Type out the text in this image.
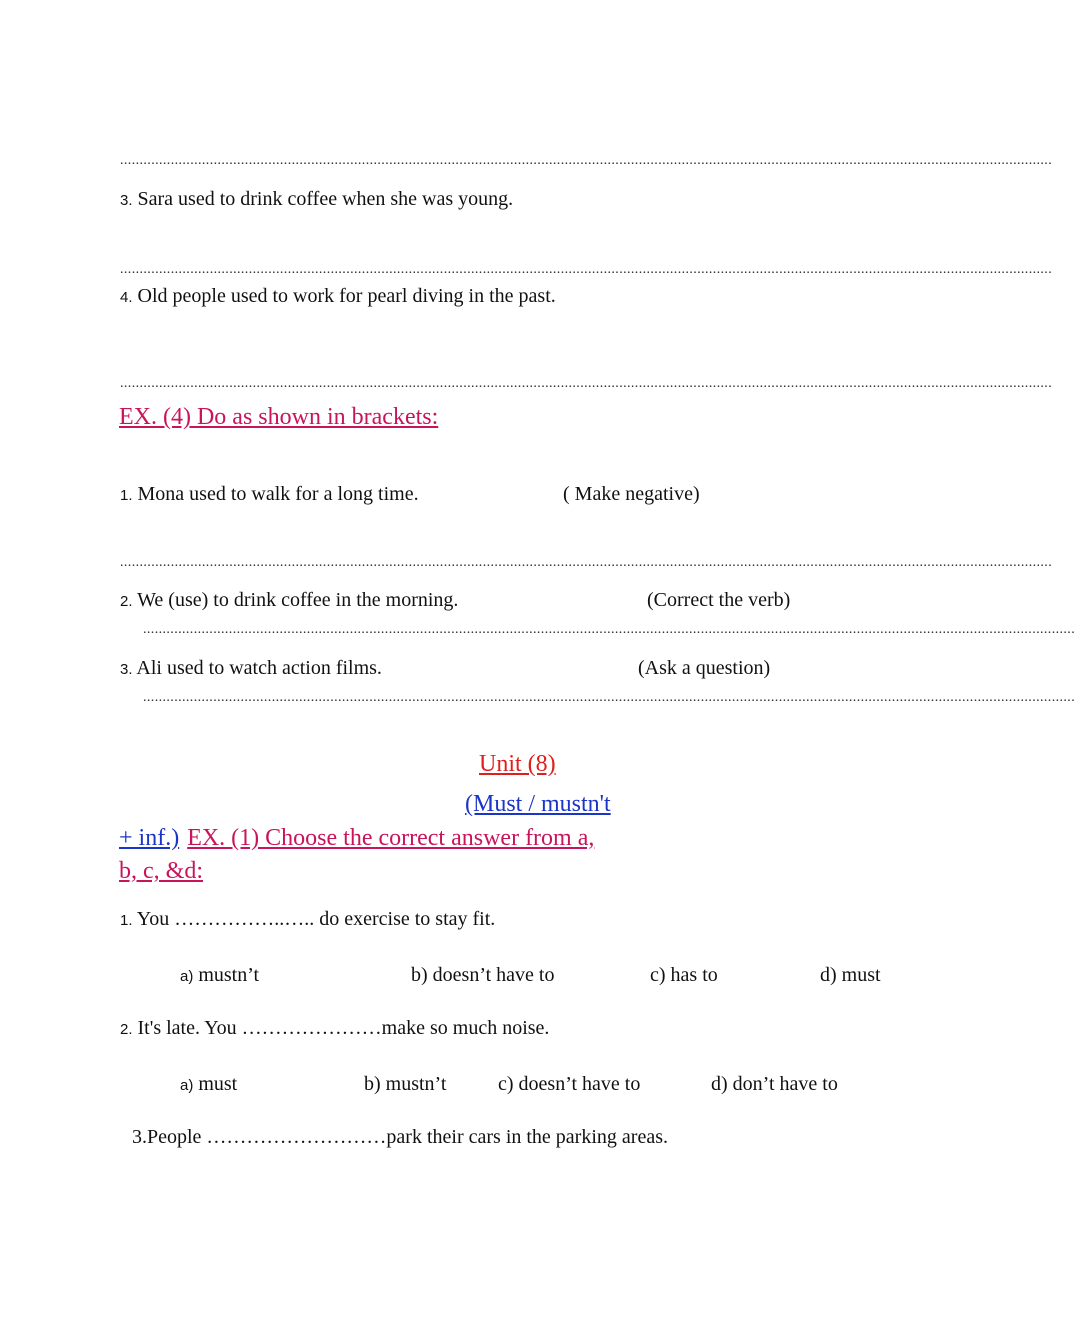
...............................................................................................................................................................................................................................................
3. Sara used to drink coffee when she was young.
...............................................................................................................................................................................................................................................
4. Old people used to work for pearl diving in the past.
...............................................................................................................................................................................................................................................
EX. (4) Do as shown in brackets:
1. Mona used to walk for a long time.	( Make negative)
...............................................................................................................................................................................................................................................
2. We (use) to drink coffee in the morning.	(Correct the verb)
...............................................................................................................................................................................................................................................
3. Ali used to watch action films.	(Ask a question)
...............................................................................................................................................................................................................................................
Unit (8)
(Must / mustn't
+ inf.) EX. (1) Choose the correct answer from a,
b, c, &d:
1. You ……………..….. do exercise to stay fit.
a) mustn’t	b) doesn’t have to	c) has to	d) must
2. It's late. You …………………make so much noise.
a) must	b) mustn’t	c) doesn’t have to	d) don’t have to
3.People ………………………park their cars in the parking areas.
